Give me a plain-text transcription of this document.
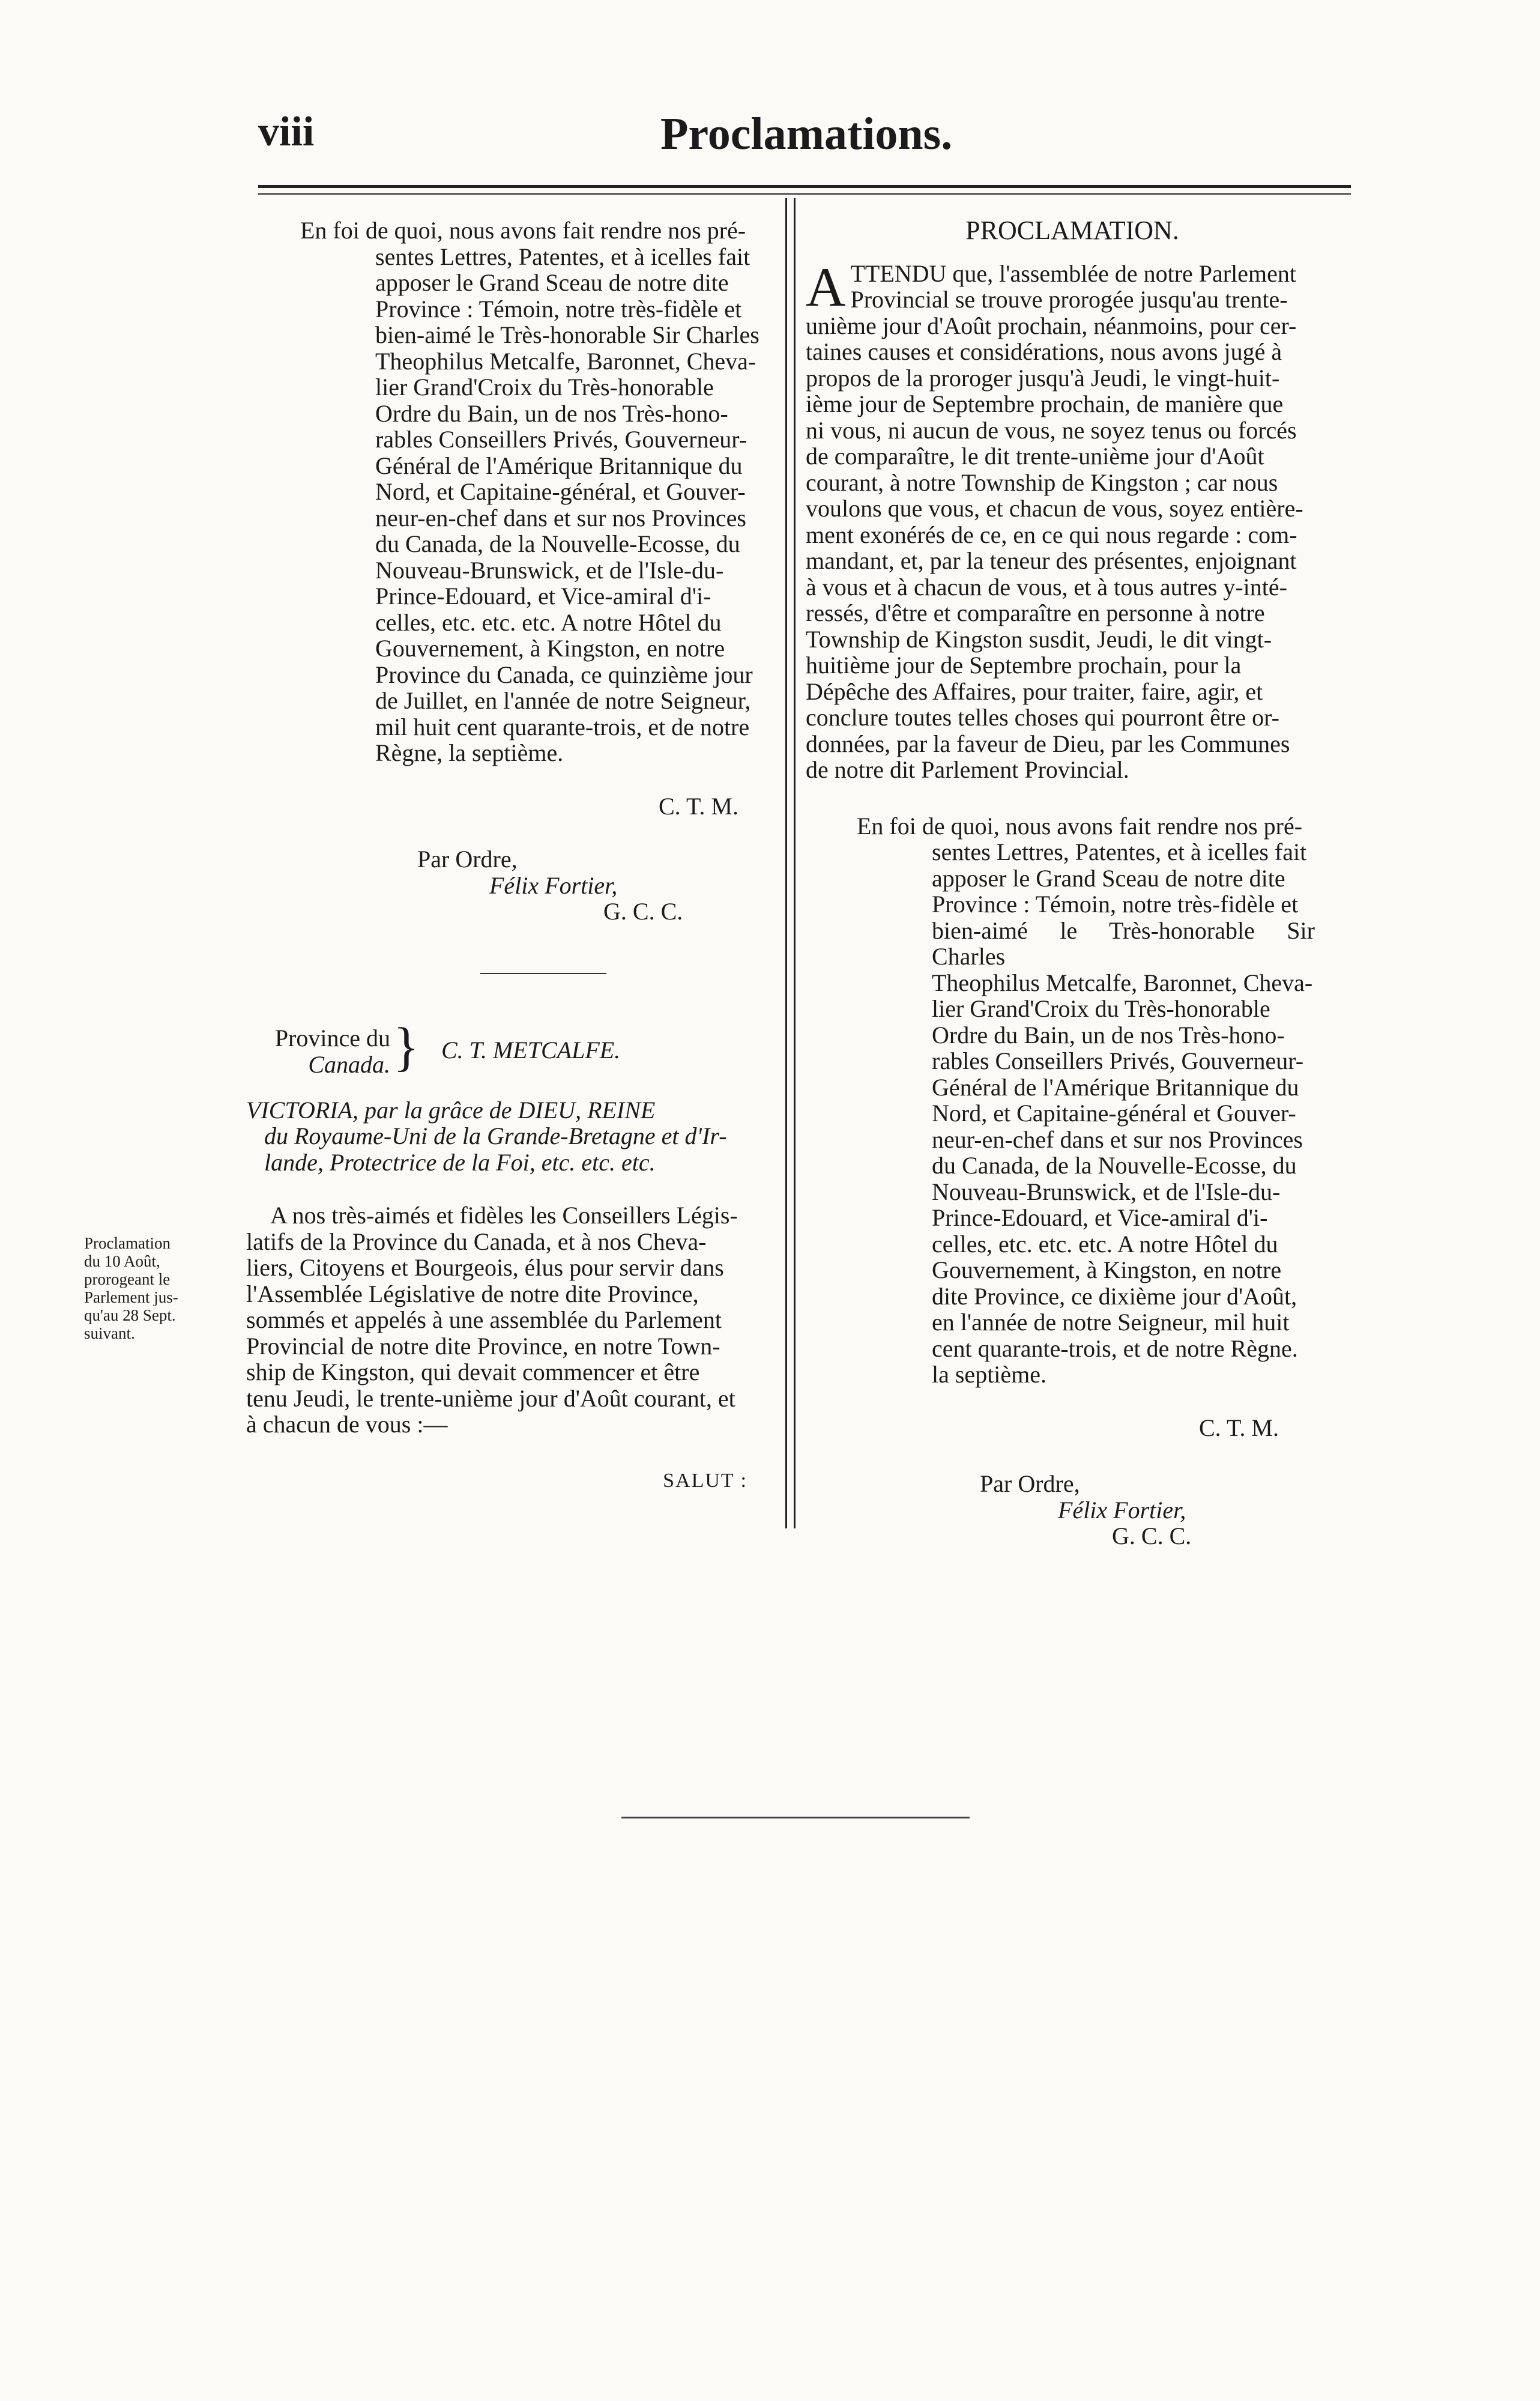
viii	Proclamations.

En foi de quoi, nous avons fait rendre nos pré-

sentes Lettres, Patentes, et à icelles fait

apposer le Grand Sceau de notre dite

Province : Témoin, notre très-fidèle et

bien-aimé le Très-honorable Sir Charles

Theophilus Metcalfe, Baronnet, Cheva-

lier Grand'Croix du Très-honorable

Ordre du Bain, un de nos Très-hono-

rables Conseillers Privés, Gouverneur-

Général de l'Amérique Britannique du

Nord, et Capitaine-général, et Gouver-

neur-en-chef dans et sur nos Provinces

du Canada, de la Nouvelle-Ecosse, du

Nouveau-Brunswick, et de l'Isle-du-

Prince-Edouard, et Vice-amiral d'i-

celles, etc. etc. etc. A notre Hôtel du

Gouvernement, à Kingston, en notre

Province du Canada, ce quinzième jour

de Juillet, en l'année de notre Seigneur,

mil huit cent quarante-trois, et de notre

Règne, la septième.

C. T. M.
Par Ordre,
Félix Fortier,
G. C. C.
Province du
Canada. } C. T. METCALFE.

VICTORIA, par la grâce de DIEU, REINE

du Royaume-Uni de la Grande-Bretagne et d'Ir-

lande, Protectrice de la Foi, etc. etc. etc.

A nos très-aimés et fidèles les Conseillers Légis-

latifs de la Province du Canada, et à nos Cheva-

liers, Citoyens et Bourgeois, élus pour servir dans

l'Assemblée Législative de notre dite Province,

sommés et appelés à une assemblée du Parlement

Provincial de notre dite Province, en notre Town-

ship de Kingston, qui devait commencer et être

tenu Jeudi, le trente-unième jour d'Août courant, et

à chacun de vous :—

SALUT :
Proclamation
du 10 Août,
prorogeant le
Parlement jus-
qu'au 28 Sept.
suivant.
PROCLAMATION.
A TTENDU que, l'assemblée de notre Parlement

Provincial se trouve prorogée jusqu'au trente-

unième jour d'Août prochain, néanmoins, pour cer-

taines causes et considérations, nous avons jugé à

propos de la proroger jusqu'à Jeudi, le vingt-huit-

ième jour de Septembre prochain, de manière que

ni vous, ni aucun de vous, ne soyez tenus ou forcés

de comparaître, le dit trente-unième jour d'Août

courant, à notre Township de Kingston ; car nous

voulons que vous, et chacun de vous, soyez entière-

ment exonérés de ce, en ce qui nous regarde : com-

mandant, et, par la teneur des présentes, enjoignant

à vous et à chacun de vous, et à tous autres y-inté-

ressés, d'être et comparaître en personne à notre

Township de Kingston susdit, Jeudi, le dit vingt-

huitième jour de Septembre prochain, pour la

Dépêche des Affaires, pour traiter, faire, agir, et

conclure toutes telles choses qui pourront être or-

données, par la faveur de Dieu, par les Communes

de notre dit Parlement Provincial.

En foi de quoi, nous avons fait rendre nos pré-

sentes Lettres, Patentes, et à icelles fait

apposer le Grand Sceau de notre dite

Province : Témoin, notre très-fidèle et

bien-aimé le Très-honorable Sir Charles

Theophilus Metcalfe, Baronnet, Cheva-

lier Grand'Croix du Très-honorable

Ordre du Bain, un de nos Très-hono-

rables Conseillers Privés, Gouverneur-

Général de l'Amérique Britannique du

Nord, et Capitaine-général et Gouver-

neur-en-chef dans et sur nos Provinces

du Canada, de la Nouvelle-Ecosse, du

Nouveau-Brunswick, et de l'Isle-du-

Prince-Edouard, et Vice-amiral d'i-

celles, etc. etc. etc. A notre Hôtel du

Gouvernement, à Kingston, en notre

dite Province, ce dixième jour d'Août,

en l'année de notre Seigneur, mil huit

cent quarante-trois, et de notre Règne.

la septième.

C. T. M.
Par Ordre,
Félix Fortier,
G. C. C.
